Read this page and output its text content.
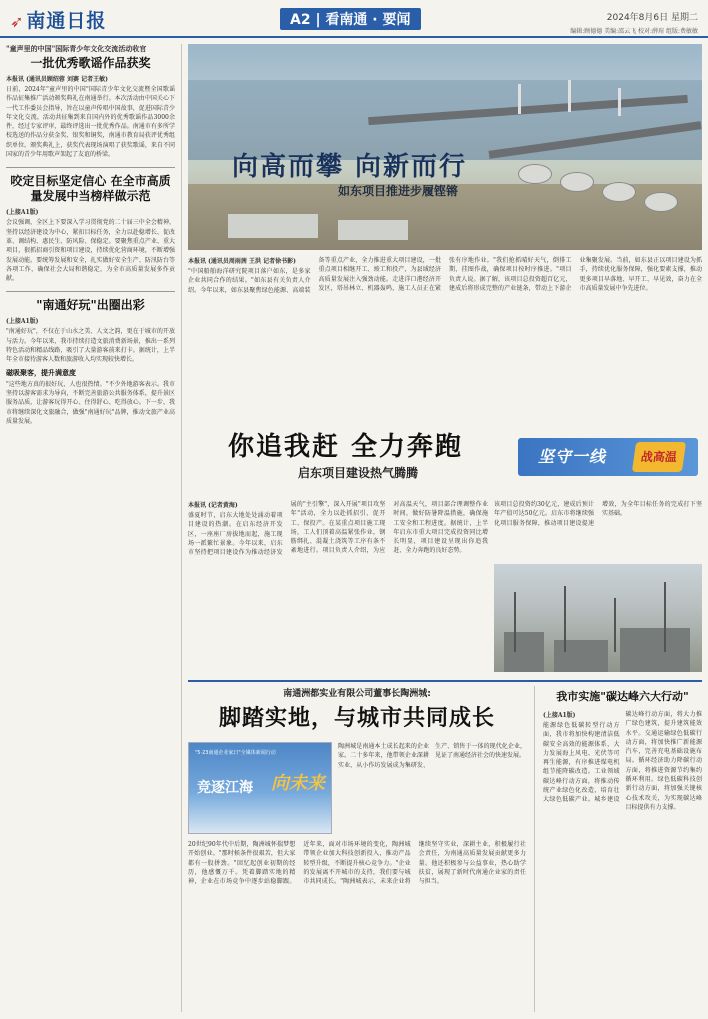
➶ 南通日报	A2 | 看南通 · 要闻	2024年8月6日 星期二
编辑:顾德德 美编:邵云飞 校对:薛瑄 组版:费敏敏
"童声里的中国"国际青少年文化交流活动收官
一批优秀歌谣作品获奖
本报讯 (通讯员顾绍蓉 刘赛 记者王敏)
日前，2024年"童声里的中国"国际青少年文化交流暨全国歌谣作品征集推广活动颁奖典礼在南通举行。本次活动由中国关心下一代工作委员会指导，旨在以童声传唱中国故事，促进国际青少年文化交流。活动共征集到来自国内外的优秀歌谣作品3000余件，经过专家评审，最终评选出一批优秀作品。南通市有多所学校选送的作品分获金奖、银奖和铜奖，南通市教育局获评优秀组织单位。颁奖典礼上，获奖代表现场演唱了获奖歌谣，来自不同国家的青少年用歌声架起了友谊的桥梁。
咬定目标坚定信心 在全市高质量发展中当榜样做示范
(上接A1版)
会议强调，全区上下要深入学习贯彻党的二十届三中全会精神，坚持以经济建设为中心，紧扣目标任务，全力以赴稳增长、促改革、调结构、惠民生、防风险、保稳定。要聚焦重点产业、重大项目，狠抓招商引资和项目建设，持续优化营商环境，不断增强发展动能。要统筹发展和安全，扎实做好安全生产、防汛防台等各项工作，确保社会大局和谐稳定，为全市高质量发展多作贡献。
"南通好玩"出圈出彩
(上接A1版)
"南通好玩"，不仅在于山水之美、人文之韵，更在于城市的开放与活力。今年以来，我市持续打造文旅消费新场景，推出一系列特色活动和精品线路，吸引了大量游客前来打卡。据统计，上半年全市接待游客人数和旅游收入均实现较快增长。
磁吸聚客，提升满意度
"这些地方真的很好玩，人也很热情。"不少外地游客表示。我市坚持以游客需求为导向，不断完善旅游公共服务体系，提升景区服务品质，让游客玩得开心、住得舒心、吃得放心。下一步，我市将继续深化文旅融合，做强"南通好玩"品牌，推动文旅产业高质量发展。
向高而攀 向新而行
如东项目推进步履铿锵
本报讯 (通讯员周雨茜 王洪 记者徐书影)
"中国船舶海洋研究院项目落户如东，是多家企业共同合作的结果。"如东县有关负责人介绍。今年以来，如东县聚焦绿色能源、高端装备等重点产业，全力推进重大项目建设，一批重点项目相继开工、竣工和投产，为县域经济高质量发展注入强劲动能。走进洋口港经济开发区，塔吊林立、机器轰鸣，施工人员正在紧张有序地作业。"我们抢抓晴好天气，倒排工期、挂图作战，确保项目按时序推进。"项目负责人说。据了解，该项目总投资超百亿元，建成后将形成完整的产业链条，带动上下游企业集聚发展。当前，如东县正以项目建设为抓手，持续优化服务保障，强化要素支撑，推动更多项目早落地、早开工、早见效，奋力在全市高质量发展中争先进位。
你追我赶 全力奔跑
启东项目建设热气腾腾
坚守一线	战高温
本报讯 (记者黄海)
盛夏时节，启东大地处处涌动着项目建设的热潮。在启东经济开发区，一座座厂房拔地而起，施工现场一派繁忙景象。今年以来，启东市坚持把项目建设作为推动经济发展的"主引擎"，深入开展"项目攻坚年"活动，全力以赴抓招引、促开工、保投产。在某重点项目施工现场，工人们顶着高温紧张作业，钢筋绑扎、混凝土浇筑等工序有条不紊地进行。项目负责人介绍，为应对高温天气，项目部合理调整作业时间，做好防暑降温措施，确保施工安全和工程进度。据统计，上半年启东市重大项目完成投资同比增长明显，项目建设呈现出你追我赶、全力奔跑的良好态势。
该项目总投资约30亿元，建成后预计年产值可达50亿元。启东市将继续强化项目服务保障，推动项目建设提速增效，为全年目标任务的完成打下坚实基础。
南通洲都实业有限公司董事长陶洲城:
脚踏实地，与城市共同成长
"5·23南通企业家日"全媒体新闻行动
竞逐江海 向未来
陶洲城是南通本土成长起来的企业家。二十多年来，他带领企业深耕实业，从小作坊发展成为集研发、生产、销售于一体的现代化企业，见证了南通经济社会的快速发展。
20世纪90年代中后期，陶洲城怀揣梦想开始创业。"那时候条件很艰苦，但大家都有一股拼劲。"回忆起创业初期的经历，他感慨万千。凭着脚踏实地的精神，企业在市场竞争中逐步站稳脚跟。近年来，面对市场环境的变化，陶洲城带领企业加大科技创新投入，推动产品转型升级，不断提升核心竞争力。"企业的发展离不开城市的支持，我们要与城市共同成长。"陶洲城表示，未来企业将继续坚守实业，深耕主业，积极履行社会责任，为南通高质量发展贡献更多力量。他还积极参与公益事业，热心助学扶贫，展现了新时代南通企业家的责任与担当。
我市实施"碳达峰六大行动"
(上接A1版)
能源绿色低碳转型行动方面，我市将加快构建清洁低碳安全高效的能源体系，大力发展海上风电、光伏等可再生能源，有序推进煤电机组节能降碳改造。工业领域碳达峰行动方面，将推动传统产业绿色化改造，培育壮大绿色低碳产业。城乡建设碳达峰行动方面，将大力推广绿色建筑，提升建筑能效水平。交通运输绿色低碳行动方面，将加快推广新能源汽车，完善充电基础设施布局。循环经济助力降碳行动方面，将推进资源节约集约循环利用。绿色低碳科技创新行动方面，将加强关键核心技术攻关，为实现碳达峰目标提供有力支撑。
